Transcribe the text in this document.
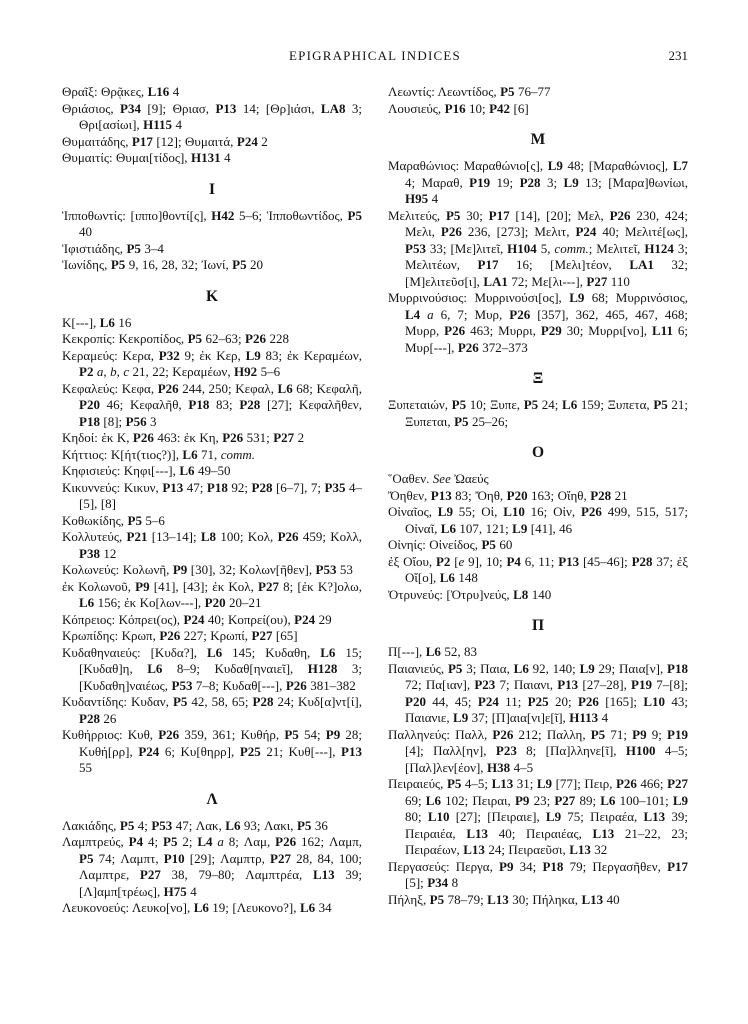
EPIGRAPHICAL INDICES	231

Θραῖξ: Θρᾷκες, L16 4

Θριάσιος, P34 [9]; Θριασ, P13 14; [Θρ]ιάσι, LA8 3; Θρι[ασίωι], H115 4

Θυμαιτάδης, P17 [12]; Θυμαιτά, P24 2

Θυμαιτίς: Θυμαι[τίδος], H131 4

Ι

Ἱπποθωντίς: [ιππο]θοντί[ς], H42 5–6; Ἱπποθωντίδος, P5 40

Ἰφιστιάδης, P5 3–4

Ἰωνίδης, P5 9, 16, 28, 32; Ἰωνί, P5 20

Κ

Κ[---], L6 16

Κεκροπίς: Κεκροπίδος, P5 62–63; P26 228

Κεραμεύς: Κερα, P32 9; ἐκ Κερ, L9 83; ἐκ Κεραμέων, P2 a, b, c 21, 22; Κεραμέων, H92 5–6

Κεφαλεύς: Κεφα, P26 244, 250; Κεφαλ, L6 68; Κεφαλῆ, P20 46; Κεφαλῆθ, P18 83; P28 [27]; Κεφαλῆθεν, P18 [8]; P56 3

Κηδοί: ἐκ Κ, P26 463: ἐκ Κη, P26 531; P27 2

Κήττιος: Κ[ήτ(τιος?)], L6 71, comm.

Κηφισιεύς: Κηφι[---], L6 49–50

Κικυννεύς: Κικυν, P13 47; P18 92; P28 [6–7], 7; P35 4–[5], [8]

Κοθωκίδης, P5 5–6

Κολλυτεύς, P21 [13–14]; L8 100; Κολ, P26 459; Κολλ, P38 12

Κολωνεύς: Κολωνῆ, P9 [30], 32; Κολων[ῆθεν], P53 53

ἐκ Κολωνοῦ, P9 [41], [43]; ἐκ Κολ, P27 8; [ἐκ Κ?]ολω, L6 156; ἐκ Κο[λων---], P20 20–21

Κόπρειος: Κόπρει(ος), P24 40; Κοπρεί(ου), P24 29

Κρωπίδης: Κρωπ, P26 227; Κρωπί, P27 [65]

Κυδαθηναιεύς: [Κυδα?], L6 145; Κυδαθη, L6 15; [Κυδαθ]η, L6 8–9; Κυδαθ[ηναιεῖ], H128 3; [Κυδαθη]ναιέως, P53 7–8; Κυδαθ[---], P26 381–382

Κυδαντίδης: Κυδαν, P5 42, 58, 65; P28 24; Κυδ[α]ντ[ί], P28 26

Κυθήρριος: Κυθ, P26 359, 361; Κυθήρ, P5 54; P9 28; Κυθή[ρρ], P24 6; Κυ[θηρρ], P25 21; Κυθ[---], P13 55

Λ

Λακιάδης, P5 4; P53 47; Λακ, L6 93; Λακι, P5 36

Λαμπτρεύς, P4 4; P5 2; L4 a 8; Λαμ, P26 162; Λαμπ, P5 74; Λαμπτ, P10 [29]; Λαμπτρ, P27 28, 84, 100; Λαμπτρε, P27 38, 79–80; Λαμπτρέα, L13 39; [Λ]αμπ[τρέως], H75 4

Λευκονοεύς: Λευκο[νο], L6 19; [Λευκονο?], L6 34

Λεωντίς: Λεωντίδος, P5 76–77

Λουσιεύς, P16 10; P42 [6]

Μ

Μαραθώνιος: Μαραθώνιο[ς], L9 48; [Μαραθώνιος], L7 4; Μαραθ, P19 19; P28 3; L9 13; [Μαρα]θωνίωι, H95 4

Μελιτεύς, P5 30; P17 [14], [20]; Μελ, P26 230, 424; Μελι, P26 236, [273]; Μελιτ, P24 40; Μελιτέ[ως], P53 33; [Με]λιτεῖ, H104 5, comm.; Μελιτεῖ, H124 3; Μελιτέων, P17 16; [Μελι]τέον, LA1 32; [Μ]ελιτεῦσ[ι], LA1 72; Με[λι---], P27 110

Μυρρινούσιος: Μυρρινούσι[ος], L9 68; Μυρρινόσιος, L4 a 6, 7; Μυρ, P26 [357], 362, 465, 467, 468; Μυρρ, P26 463; Μυρρι, P29 30; Μυρρι[νο], L11 6; Μυρ[---], P26 372–373

Ξ

Ξυπεταιών, P5 10; Ξυπε, P5 24; L6 159; Ξυπετα, P5 21; Ξυπεται, P5 25–26;

Ο

῞Οαθεν. See Ὠαεύς

Ὄηθεν, P13 83; Ὄηθ, P20 163; Οἴηθ, P28 21

Οἰναῖος, L9 55; Οἰ, L10 16; Οἰν, P26 499, 515, 517; Οἰναῖ, L6 107, 121; L9 [41], 46

Οἰνηίς: Οἰνείδος, P5 60

ἐξ Οἴου, P2 [e 9], 10; P4 6, 11; P13 [45–46]; P28 37; ἐξ Οἴ[ο], L6 148

Ὀτρυνεύς: [Ὀτρυ]νεύς, L8 140

Π

Π[---], L6 52, 83

Παιανιεύς, P5 3; Παια, L6 92, 140; L9 29; Παια[ν], P18 72; Πα[ιαν], P23 7; Παιανι, P13 [27–28], P19 7–[8]; P20 44, 45; P24 11; P25 20; P26 [165]; L10 43; Παιανιε, L9 37; [Π]αια[νι]ε[ῖ], H113 4

Παλληνεύς: Παλλ, P26 212; Παλλη, P5 71; P9 9; P19 [4]; Παλλ[ην], P23 8; [Πα]λληνε[ῖ], H100 4–5; [Παλ]λεν[έον], H38 4–5

Πειραιεύς, P5 4–5; L13 31; L9 [77]; Πειρ, P26 466; P27 69; L6 102; Πειραι, P9 23; P27 89; L6 100–101; L9 80; L10 [27]; [Πειραιε], L9 75; Πειραέα, L13 39; Πειραιέα, L13 40; Πειραιέας, L13 21–22, 23; Πειραέων, L13 24; Πειραεῦσι, L13 32

Περγασεύς: Περγα, P9 34; P18 79; Περγασῆθεν, P17 [5]; P34 8

Πήληξ, P5 78–79; L13 30; Πήληκα, L13 40
